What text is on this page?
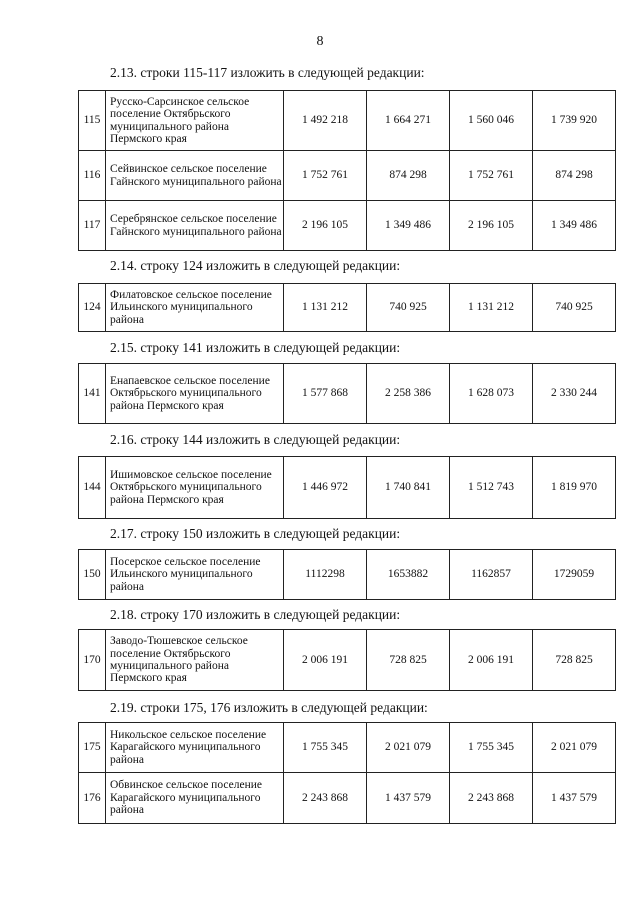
8
2.13. строки 115-117 изложить в следующей редакции:
115	Русско-Сарсинское сельское поселение Октябрьского муниципального района Пермского края	1 492 218	1 664 271	1 560 046	1 739 920
116	Сейвинское сельское поселение Гайнского муниципального района	1 752 761	874 298	1 752 761	874 298
117	Серебрянское сельское поселение Гайнского муниципального района	2 196 105	1 349 486	2 196 105	1 349 486
2.14. строку 124 изложить в следующей редакции:
124	Филатовское сельское поселение Ильинского муниципального района	1 131 212	740 925	1 131 212	740 925
2.15. строку 141 изложить в следующей редакции:
141	Енапаевское сельское поселение Октябрьского муниципального района Пермского края	1 577 868	2 258 386	1 628 073	2 330 244
2.16. строку 144 изложить в следующей редакции:
144	Ишимовское сельское поселение Октябрьского муниципального района Пермского края	1 446 972	1 740 841	1 512 743	1 819 970
2.17. строку 150 изложить в следующей редакции:
150	Посерское сельское поселение Ильинского муниципального района	1112298	1653882	1162857	1729059
2.18. строку 170 изложить в следующей редакции:
170	Заводо-Тюшевское сельское поселение Октябрьского муниципального района Пермского края	2 006 191	728 825	2 006 191	728 825
2.19. строки 175, 176 изложить в следующей редакции:
175	Никольское сельское поселение Карагайского муниципального района	1 755 345	2 021 079	1 755 345	2 021 079
176	Обвинское сельское поселение Карагайского муниципального района	2 243 868	1 437 579	2 243 868	1 437 579
